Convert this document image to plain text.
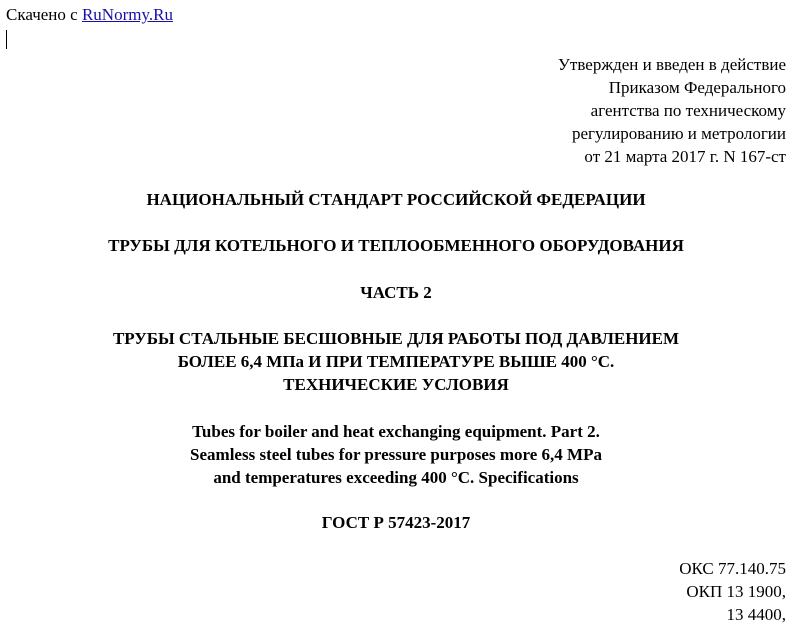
Скачено с RuNormy.Ru
Утвержден и введен в действие
Приказом Федерального
агентства по техническому
регулированию и метрологии
от 21 марта 2017 г. N 167-ст
НАЦИОНАЛЬНЫЙ СТАНДАРТ РОССИЙСКОЙ ФЕДЕРАЦИИ
ТРУБЫ ДЛЯ КОТЕЛЬНОГО И ТЕПЛООБМЕННОГО ОБОРУДОВАНИЯ
ЧАСТЬ 2
ТРУБЫ СТАЛЬНЫЕ БЕСШОВНЫЕ ДЛЯ РАБОТЫ ПОД ДАВЛЕНИЕМ
БОЛЕЕ 6,4 МПа И ПРИ ТЕМПЕРАТУРЕ ВЫШЕ 400 °С.
ТЕХНИЧЕСКИЕ УСЛОВИЯ
Tubes for boiler and heat exchanging equipment. Part 2.
Seamless steel tubes for pressure purposes more 6,4 MPa
and temperatures exceeding 400 °C. Specifications
ГОСТ Р 57423-2017
ОКС 77.140.75
ОКП 13 1900,
13 4400,
